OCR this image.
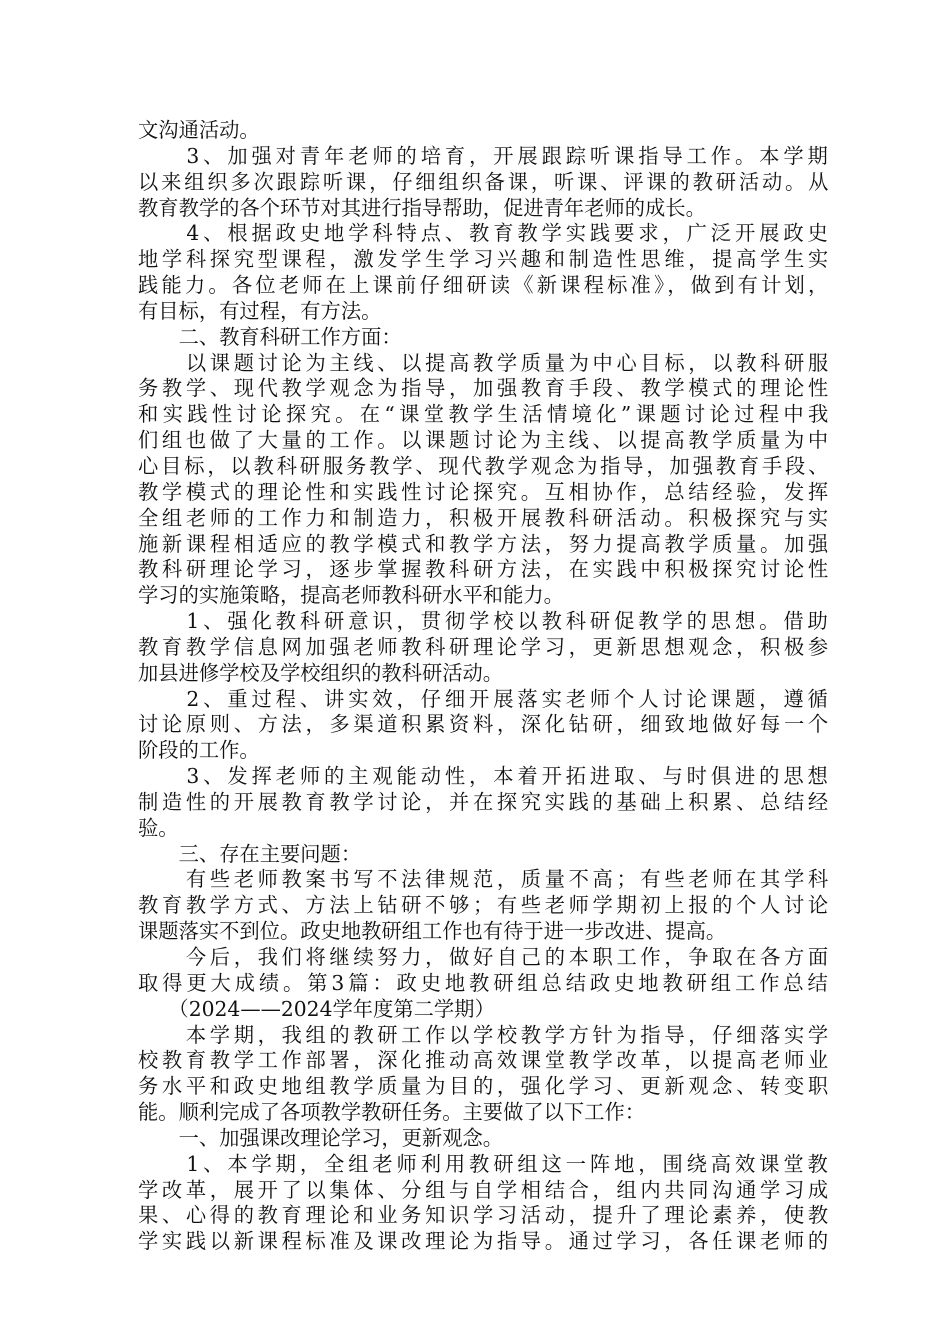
文沟通活动。
　　3、加强对青年老师的培育，开展跟踪听课指导工作。本学期
以来组织多次跟踪听课，仔细组织备课，听课、评课的教研活动。从
教育教学的各个环节对其进行指导帮助，促进青年老师的成长。
　　4、根据政史地学科特点、教育教学实践要求，广泛开展政史
地学科探究型课程，激发学生学习兴趣和制造性思维，提高学生实
践能力。各位老师在上课前仔细研读《新课程标准》，做到有计划，
有目标，有过程，有方法。
　　二、教育科研工作方面：
　　以课题讨论为主线、以提高教学质量为中心目标，以教科研服
务教学、现代教学观念为指导，加强教育手段、教学模式的理论性
和实践性讨论探究。在“课堂教学生活情境化”课题讨论过程中我
们组也做了大量的工作。以课题讨论为主线、以提高教学质量为中
心目标，以教科研服务教学、现代教学观念为指导，加强教育手段、
教学模式的理论性和实践性讨论探究。互相协作，总结经验，发挥
全组老师的工作力和制造力，积极开展教科研活动。积极探究与实
施新课程相适应的教学模式和教学方法，努力提高教学质量。加强
教科研理论学习，逐步掌握教科研方法，在实践中积极探究讨论性
学习的实施策略，提高老师教科研水平和能力。
　　1、强化教科研意识，贯彻学校以教科研促教学的思想。借助
教育教学信息网加强老师教科研理论学习，更新思想观念，积极参
加县进修学校及学校组织的教科研活动。
　　2、重过程、讲实效，仔细开展落实老师个人讨论课题，遵循
讨论原则、方法，多渠道积累资料，深化钻研，细致地做好每一个
阶段的工作。
　　3、发挥老师的主观能动性，本着开拓进取、与时俱进的思想
制造性的开展教育教学讨论，并在探究实践的基础上积累、总结经
验。
　　三、存在主要问题：
　　有些老师教案书写不法律规范，质量不高；有些老师在其学科
教育教学方式、方法上钻研不够；有些老师学期初上报的个人讨论
课题落实不到位。政史地教研组工作也有待于进一步改进、提高。
　　今后，我们将继续努力，做好自己的本职工作，争取在各方面
取得更大成绩。第3篇：政史地教研组总结政史地教研组工作总结
　　（2024——2024学年度第二学期）
　　本学期，我组的教研工作以学校教学方针为指导，仔细落实学
校教育教学工作部署，深化推动高效课堂教学改革，以提高老师业
务水平和政史地组教学质量为目的，强化学习、更新观念、转变职
能。顺利完成了各项教学教研任务。主要做了以下工作：
　　一、加强课改理论学习，更新观念。
　　1、本学期，全组老师利用教研组这一阵地，围绕高效课堂教
学改革，展开了以集体、分组与自学相结合，组内共同沟通学习成
果、心得的教育理论和业务知识学习活动，提升了理论素养，使教
学实践以新课程标准及课改理论为指导。通过学习，各任课老师的
